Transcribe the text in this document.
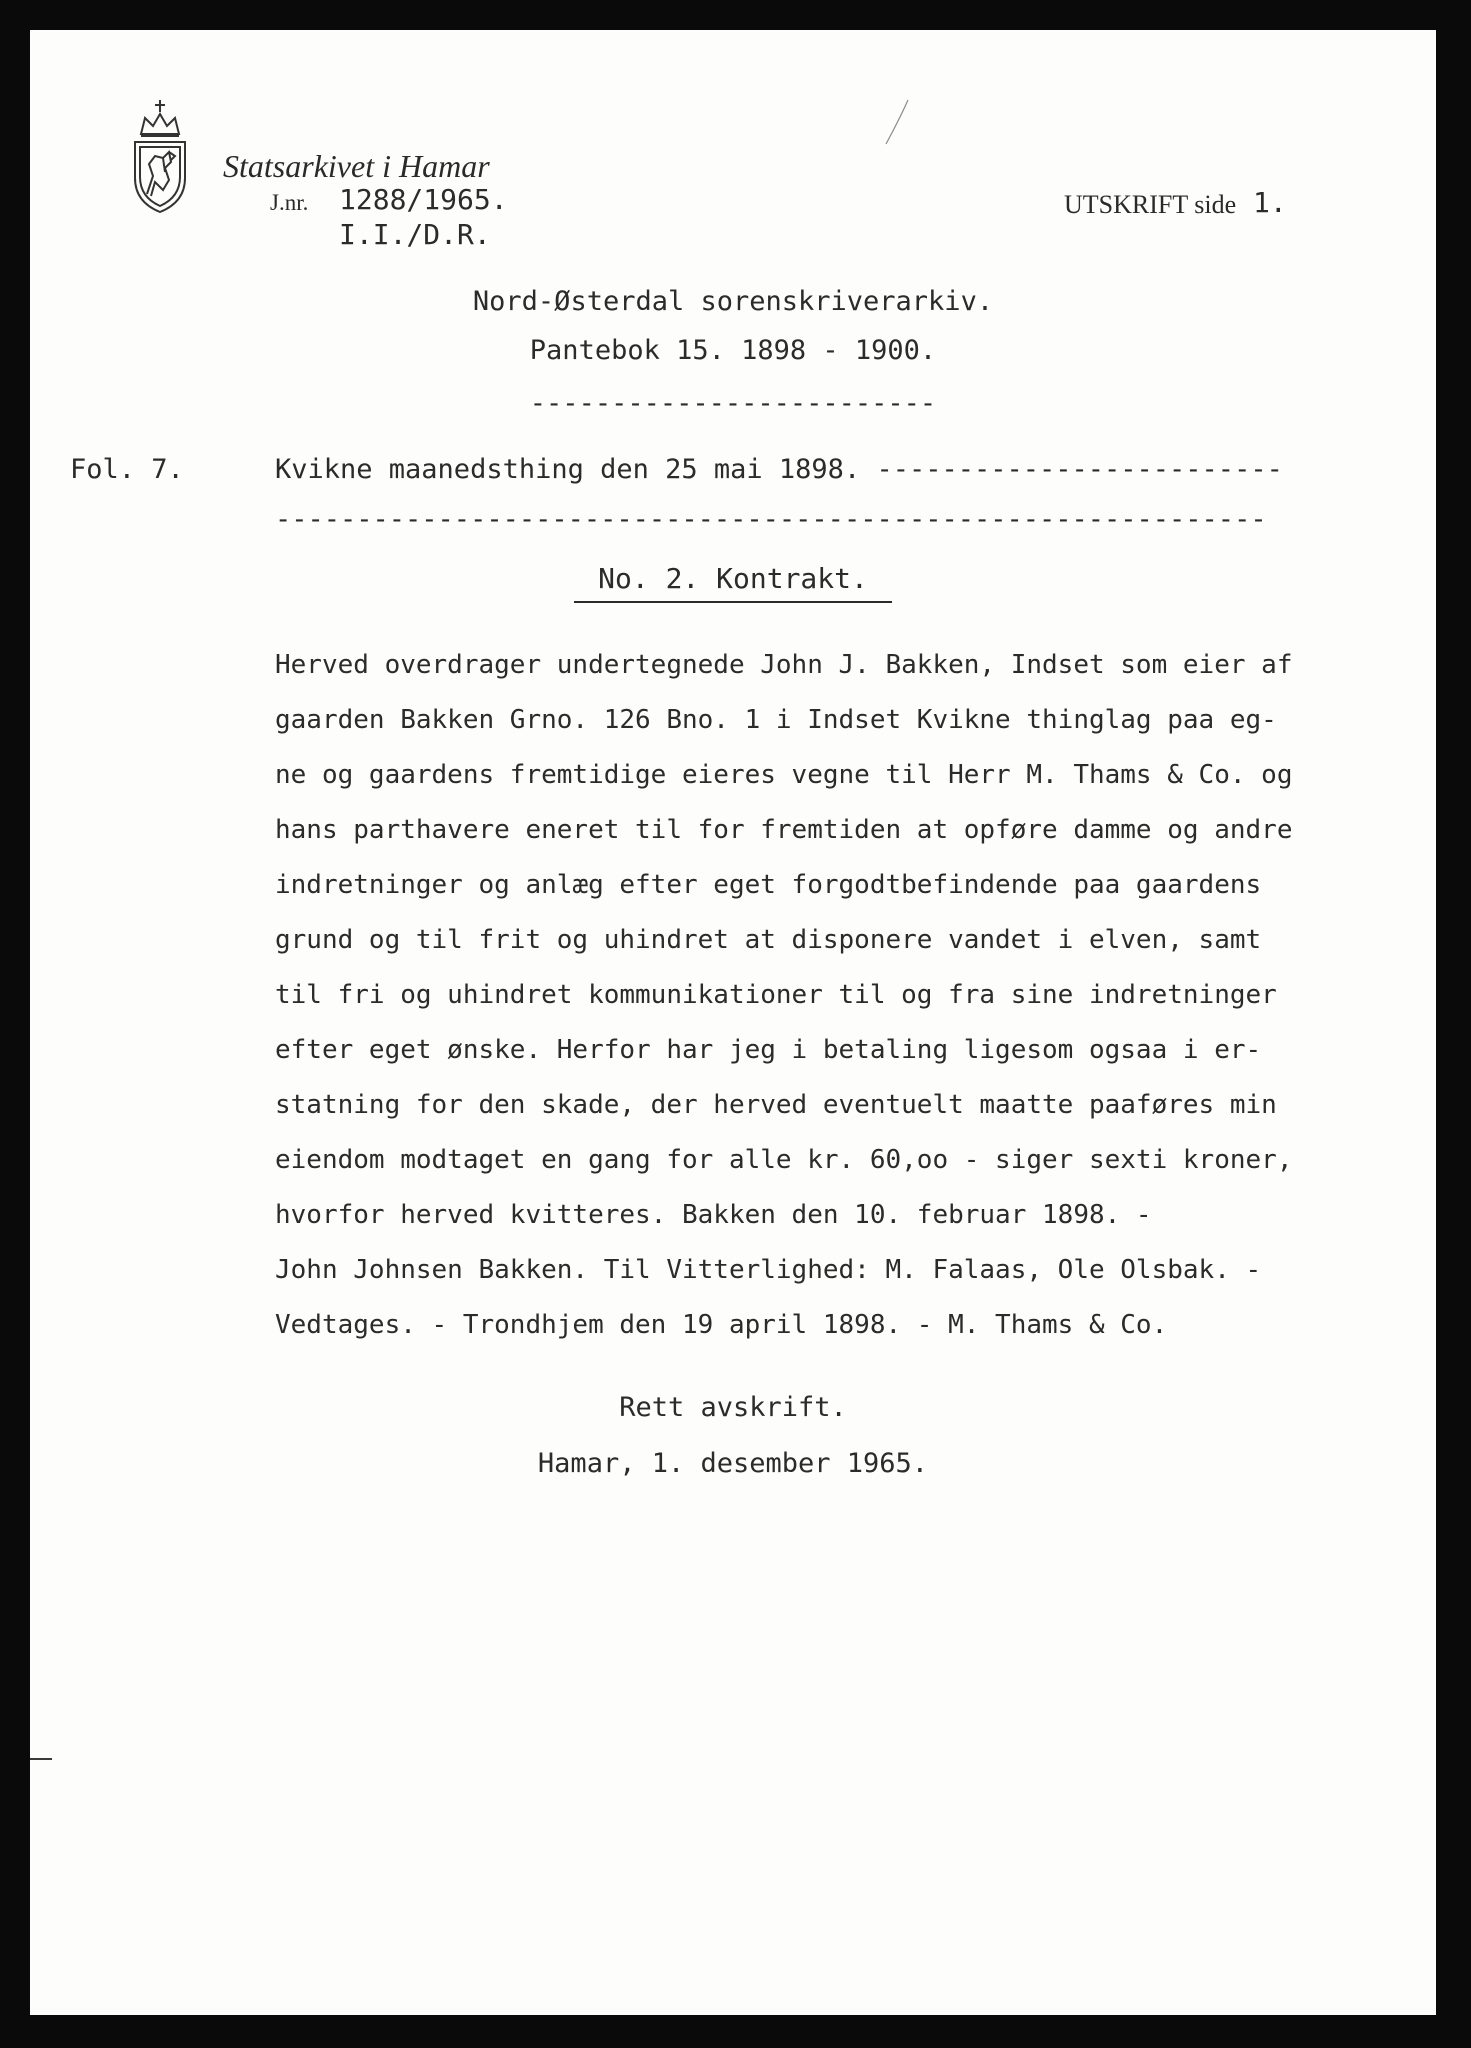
Statsarkivet i Hamar
J.nr. 1288/1965.
I.I./D.R.
UTSKRIFT side 1.
Nord-Østerdal sorenskriverarkiv.
Pantebok 15. 1898 - 1900.
-------------------------
Fol. 7.	Kvikne maanedsthing den 25 mai 1898. -------------------------
-------------------------------------------------------------
No. 2. Kontrakt.
Herved overdrager undertegnede John J. Bakken, Indset som eier af
gaarden Bakken Grno. 126 Bno. 1 i Indset Kvikne thinglag paa eg-
ne og gaardens fremtidige eieres vegne til Herr M. Thams & Co. og
hans parthavere eneret til for fremtiden at opføre damme og andre
indretninger og anlæg efter eget forgodtbefindende paa gaardens
grund og til frit og uhindret at disponere vandet i elven, samt
til fri og uhindret kommunikationer til og fra sine indretninger
efter eget ønske. Herfor har jeg i betaling ligesom ogsaa i er-
statning for den skade, der herved eventuelt maatte paaføres min
eiendom modtaget en gang for alle kr. 60,oo - siger sexti kroner,
hvorfor herved kvitteres. Bakken den 10. februar 1898. -
John Johnsen Bakken. Til Vitterlighed: M. Falaas, Ole Olsbak. -
Vedtages. - Trondhjem den 19 april 1898. - M. Thams & Co.
Rett avskrift.
Hamar, 1. desember 1965.
